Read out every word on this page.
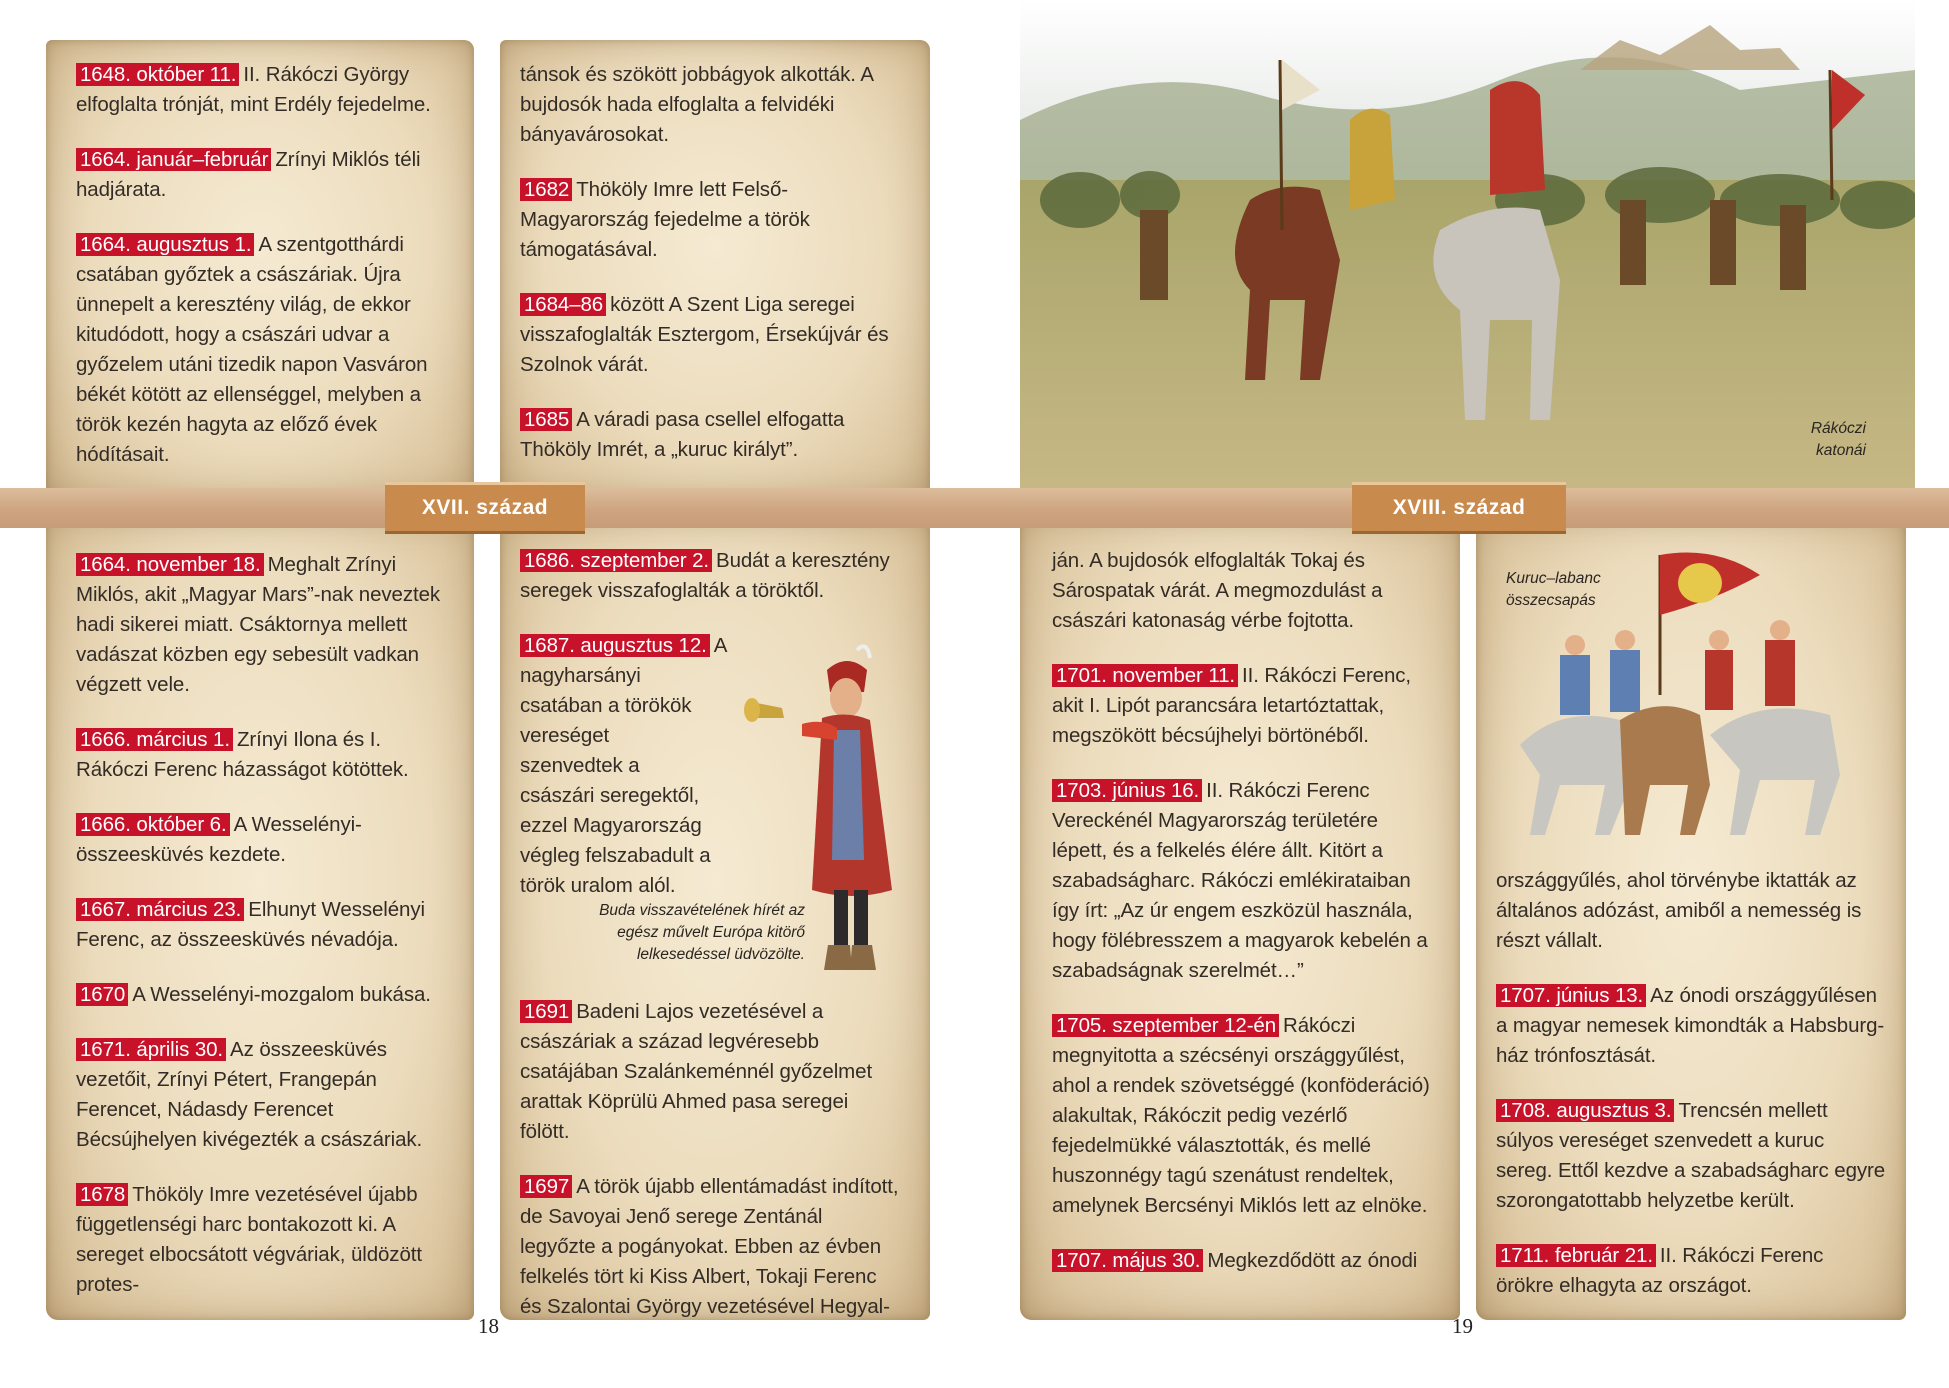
Rákóczi katonái
XVII. század	XVIII. század

1648. október 11. II. Rákóczi György elfoglalta trónját, mint Erdély fejedelme.

1664. január–február Zrínyi Miklós téli hadjárata.

1664. augusztus 1. A szentgotthárdi csatában győztek a császáriak. Újra ünnepelt a keresztény világ, de ekkor kitudódott, hogy a császári udvar a győzelem utáni tizedik napon Vasváron békét kötött az ellenséggel, melyben a török kezén hagyta az előző évek hódításait.

tánsok és szökött jobbágyok alkották. A bujdosók hada elfoglalta a felvidéki bányavárosokat.

1682 Thököly Imre lett Felső-Magyarország fejedelme a török támogatásával.

1684–86 között A Szent Liga seregei visszafoglalták Esztergom, Érsekújvár és Szolnok várát.

1685 A váradi pasa csellel elfogatta Thököly Imrét, a „kuruc királyt”.

1664. november 18. Meghalt Zrínyi Miklós, akit „Magyar Mars”-nak neveztek hadi sikerei miatt. Csáktornya mellett vadászat közben egy sebesült vadkan végzett vele.

1666. március 1. Zrínyi Ilona és I. Rákóczi Ferenc házasságot kötöttek.

1666. október 6. A Wesselényi-összeesküvés kezdete.

1667. március 23. Elhunyt Wesselényi Ferenc, az összeesküvés névadója.

1670 A Wesselényi-mozgalom bukása.

1671. április 30. Az összeesküvés vezetőit, Zrínyi Pétert, Frangepán Ferencet, Nádasdy Ferencet Bécsújhelyen kivégezték a császáriak.

1678 Thököly Imre vezetésével újabb függetlenségi harc bontakozott ki. A sereget elbocsátott végváriak, üldözött protes-

1686. szeptember 2. Budát a keresztény seregek visszafoglalták a töröktől.

1687. augusztus 12. A nagyharsányi csatában a törökök vereséget szenvedtek a császári seregektől, ezzel Magyarország végleg felszabadult a török uralom alól.

Buda visszavételének hírét az egész művelt Európa kitörő lelkesedéssel üdvözölte.

1691 Badeni Lajos vezetésével a császáriak a század legvéresebb csatájában Szalánkeménnél győzelmet arattak Köprülü Ahmed pasa seregei fölött.

1697 A török újabb ellentámadást indított, de Savoyai Jenő serege Zentánál legyőzte a pogányokat. Ebben az évben felkelés tört ki Kiss Albert, Tokaji Ferenc és Szalontai György vezetésével Hegyal-

ján. A bujdosók elfoglalták Tokaj és Sárospatak várát. A megmozdulást a császári katonaság vérbe fojtotta.

1701. november 11. II. Rákóczi Ferenc, akit I. Lipót parancsára letartóztattak, megszökött bécsújhelyi börtönéből.

1703. június 16. II. Rákóczi Ferenc Vereckénél Magyarország területére lépett, és a felkelés élére állt. Kitört a szabadságharc. Rákóczi emlékirataiban így írt: „Az úr engem eszközül használa, hogy fölébresszem a magyarok kebelén a szabadságnak szerelmét…”

1705. szeptember 12-én Rákóczi megnyitotta a szécsényi országgyűlést, ahol a rendek szövetséggé (konföderáció) alakultak, Rákóczit pedig vezérlő fejedelmükké választották, és mellé huszonnégy tagú szenátust rendeltek, amelynek Bercsényi Miklós lett az elnöke.

1707. május 30. Megkezdődött az ónodi

Kuruc–labanc összecsapás

országgyűlés, ahol törvénybe iktatták az általános adózást, amiből a nemesség is részt vállalt.

1707. június 13. Az ónodi országgyűlésen a magyar nemesek kimondták a Habsburg-ház trónfosztását.

1708. augusztus 3. Trencsén mellett súlyos vereséget szenvedett a kuruc sereg. Ettől kezdve a szabadságharc egyre szorongatottabb helyzetbe került.

1711. február 21. II. Rákóczi Ferenc örökre elhagyta az országot.

18	19
